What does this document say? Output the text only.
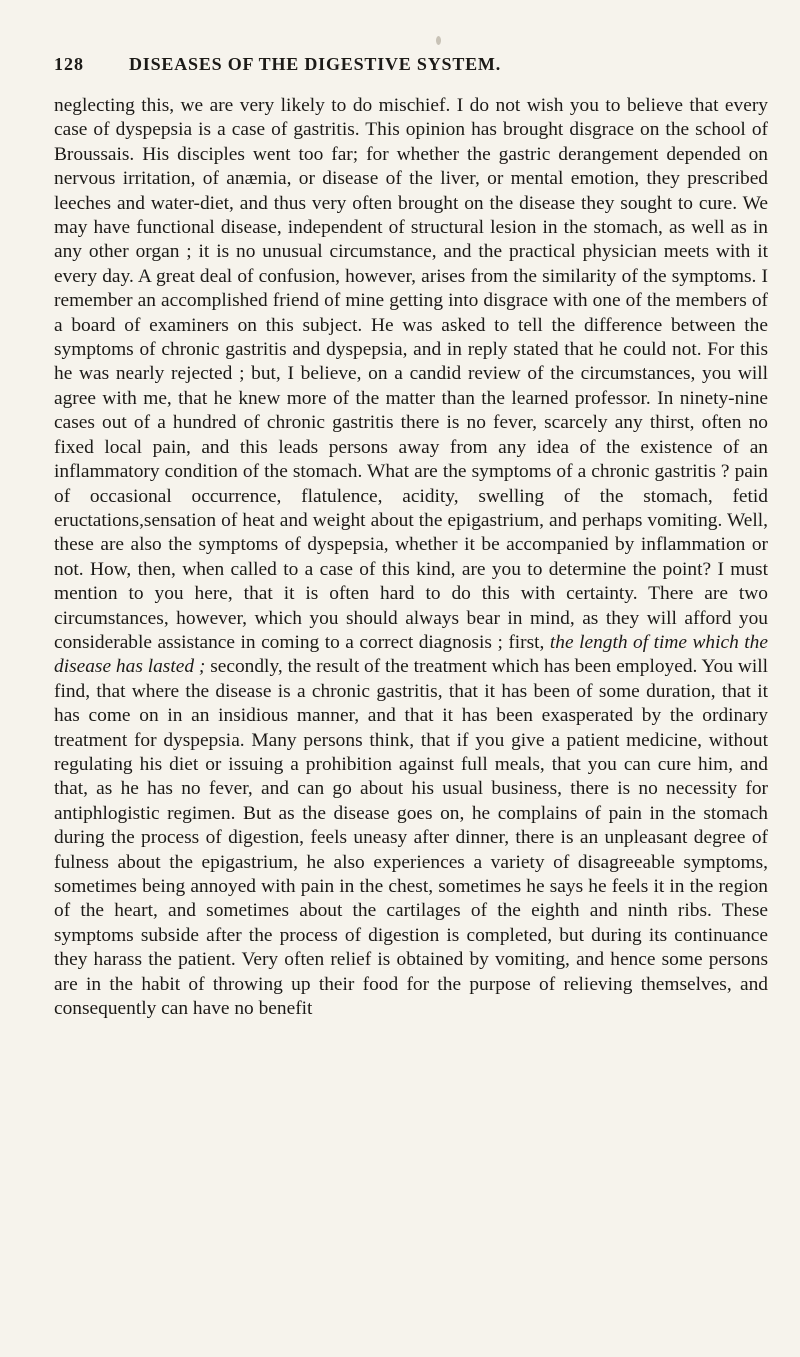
128	DISEASES OF THE DIGESTIVE SYSTEM.

neglecting this, we are very likely to do mischief. I do not wish you to believe that every case of dyspepsia is a case of gastritis. This opinion has brought disgrace on the school of Broussais. His disciples went too far; for whether the gastric derangement depended on nervous irritation, of anæmia, or disease of the liver, or mental emotion, they prescribed leeches and water-diet, and thus very often brought on the disease they sought to cure. We may have functional disease, independent of structural lesion in the stomach, as well as in any other organ ; it is no unusual circumstance, and the practical physician meets with it every day. A great deal of confusion, however, arises from the similarity of the symptoms. I remember an accomplished friend of mine getting into disgrace with one of the members of a board of examiners on this subject. He was asked to tell the difference between the symptoms of chronic gastritis and dyspepsia, and in reply stated that he could not. For this he was nearly rejected ; but, I believe, on a candid review of the circumstances, you will agree with me, that he knew more of the matter than the learned professor. In ninety-nine cases out of a hundred of chronic gastritis there is no fever, scarcely any thirst, often no fixed local pain, and this leads persons away from any idea of the existence of an inflammatory condition of the stomach. What are the symptoms of a chronic gastritis ? pain of occasional occurrence, flatulence, acidity, swelling of the stomach, fetid eructations,sensation of heat and weight about the epigastrium, and perhaps vomiting. Well, these are also the symptoms of dyspepsia, whether it be accompanied by inflammation or not. How, then, when called to a case of this kind, are you to determine the point? I must mention to you here, that it is often hard to do this with certainty. There are two circumstances, however, which you should always bear in mind, as they will afford you considerable assistance in coming to a correct diagnosis ; first, the length of time which the disease has lasted ; secondly, the result of the treatment which has been employed. You will find, that where the disease is a chronic gastritis, that it has been of some duration, that it has come on in an insidious manner, and that it has been exasperated by the ordinary treatment for dyspepsia. Many persons think, that if you give a patient medicine, without regulating his diet or issuing a prohibition against full meals, that you can cure him, and that, as he has no fever, and can go about his usual business, there is no necessity for antiphlogistic regimen. But as the disease goes on, he complains of pain in the stomach during the process of digestion, feels uneasy after dinner, there is an unpleasant degree of fulness about the epigastrium, he also experiences a variety of disagreeable symptoms, sometimes being annoyed with pain in the chest, sometimes he says he feels it in the region of the heart, and sometimes about the cartilages of the eighth and ninth ribs. These symptoms subside after the process of digestion is completed, but during its continuance they harass the patient. Very often relief is obtained by vomiting, and hence some persons are in the habit of throwing up their food for the purpose of relieving themselves, and consequently can have no benefit
